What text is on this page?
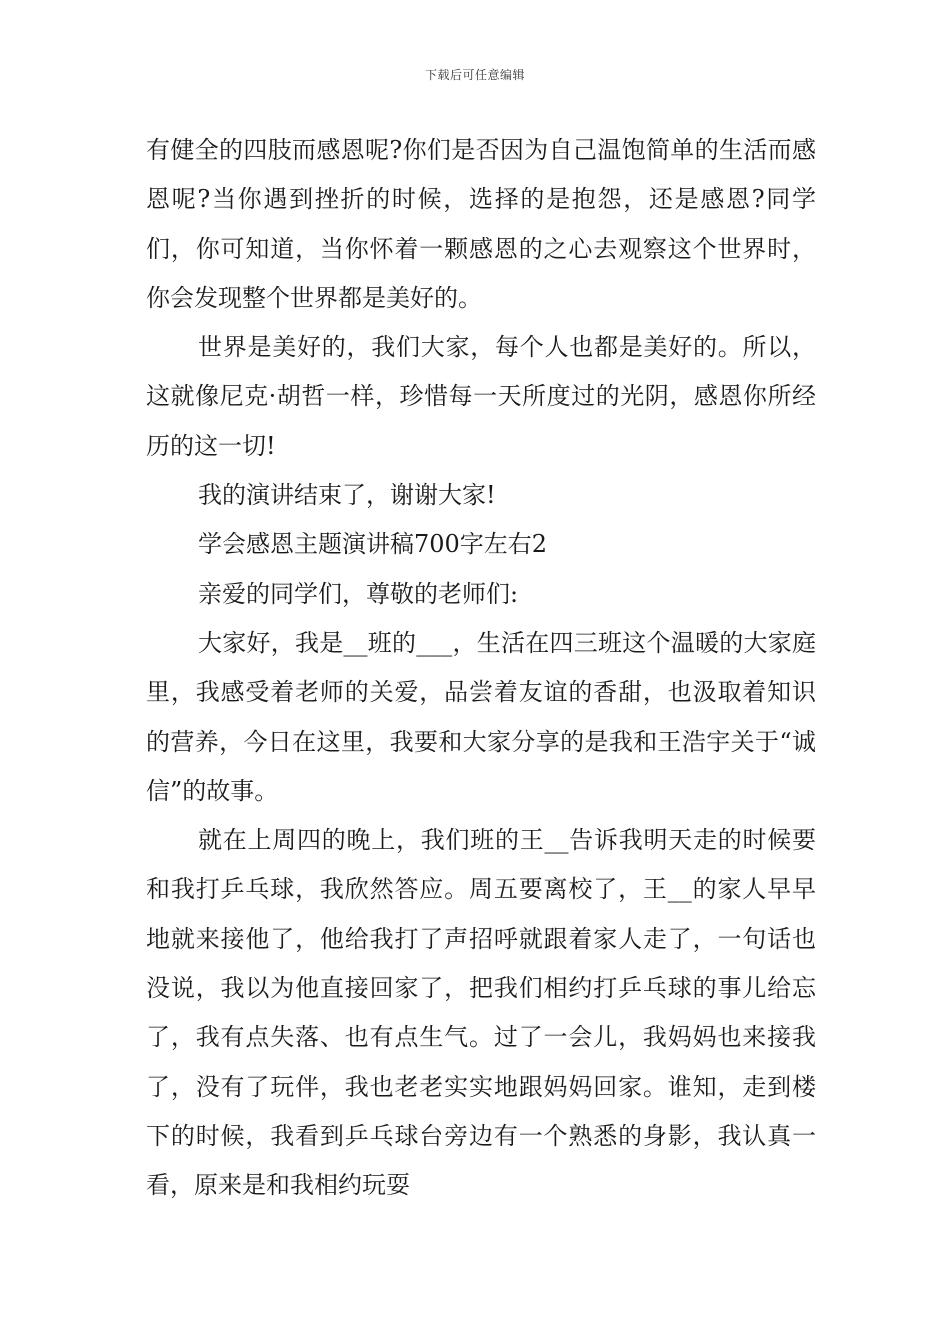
下载后可任意编辑

有健全的四肢而感恩呢?你们是否因为自己温饱简单的生活而感恩呢?当你遇到挫折的时候，选择的是抱怨，还是感恩?同学们，你可知道，当你怀着一颗感恩的之心去观察这个世界时，你会发现整个世界都是美好的。

世界是美好的，我们大家，每个人也都是美好的。所以，这就像尼克·胡哲一样，珍惜每一天所度过的光阴，感恩你所经历的这一切!

我的演讲结束了，谢谢大家!

学会感恩主题演讲稿700字左右2

亲爱的同学们，尊敬的老师们:

大家好，我是__班的___，生活在四三班这个温暖的大家庭里，我感受着老师的关爱，品尝着友谊的香甜，也汲取着知识的营养，今日在这里，我要和大家分享的是我和王浩宇关于“诚信”的故事。

就在上周四的晚上，我们班的王__告诉我明天走的时候要和我打乒乓球，我欣然答应。周五要离校了，王__的家人早早地就来接他了，他给我打了声招呼就跟着家人走了，一句话也没说，我以为他直接回家了，把我们相约打乒乓球的事儿给忘了，我有点失落、也有点生气。过了一会儿，我妈妈也来接我了，没有了玩伴，我也老老实实地跟妈妈回家。谁知，走到楼下的时候，我看到乒乓球台旁边有一个熟悉的身影，我认真一看，原来是和我相约玩耍
